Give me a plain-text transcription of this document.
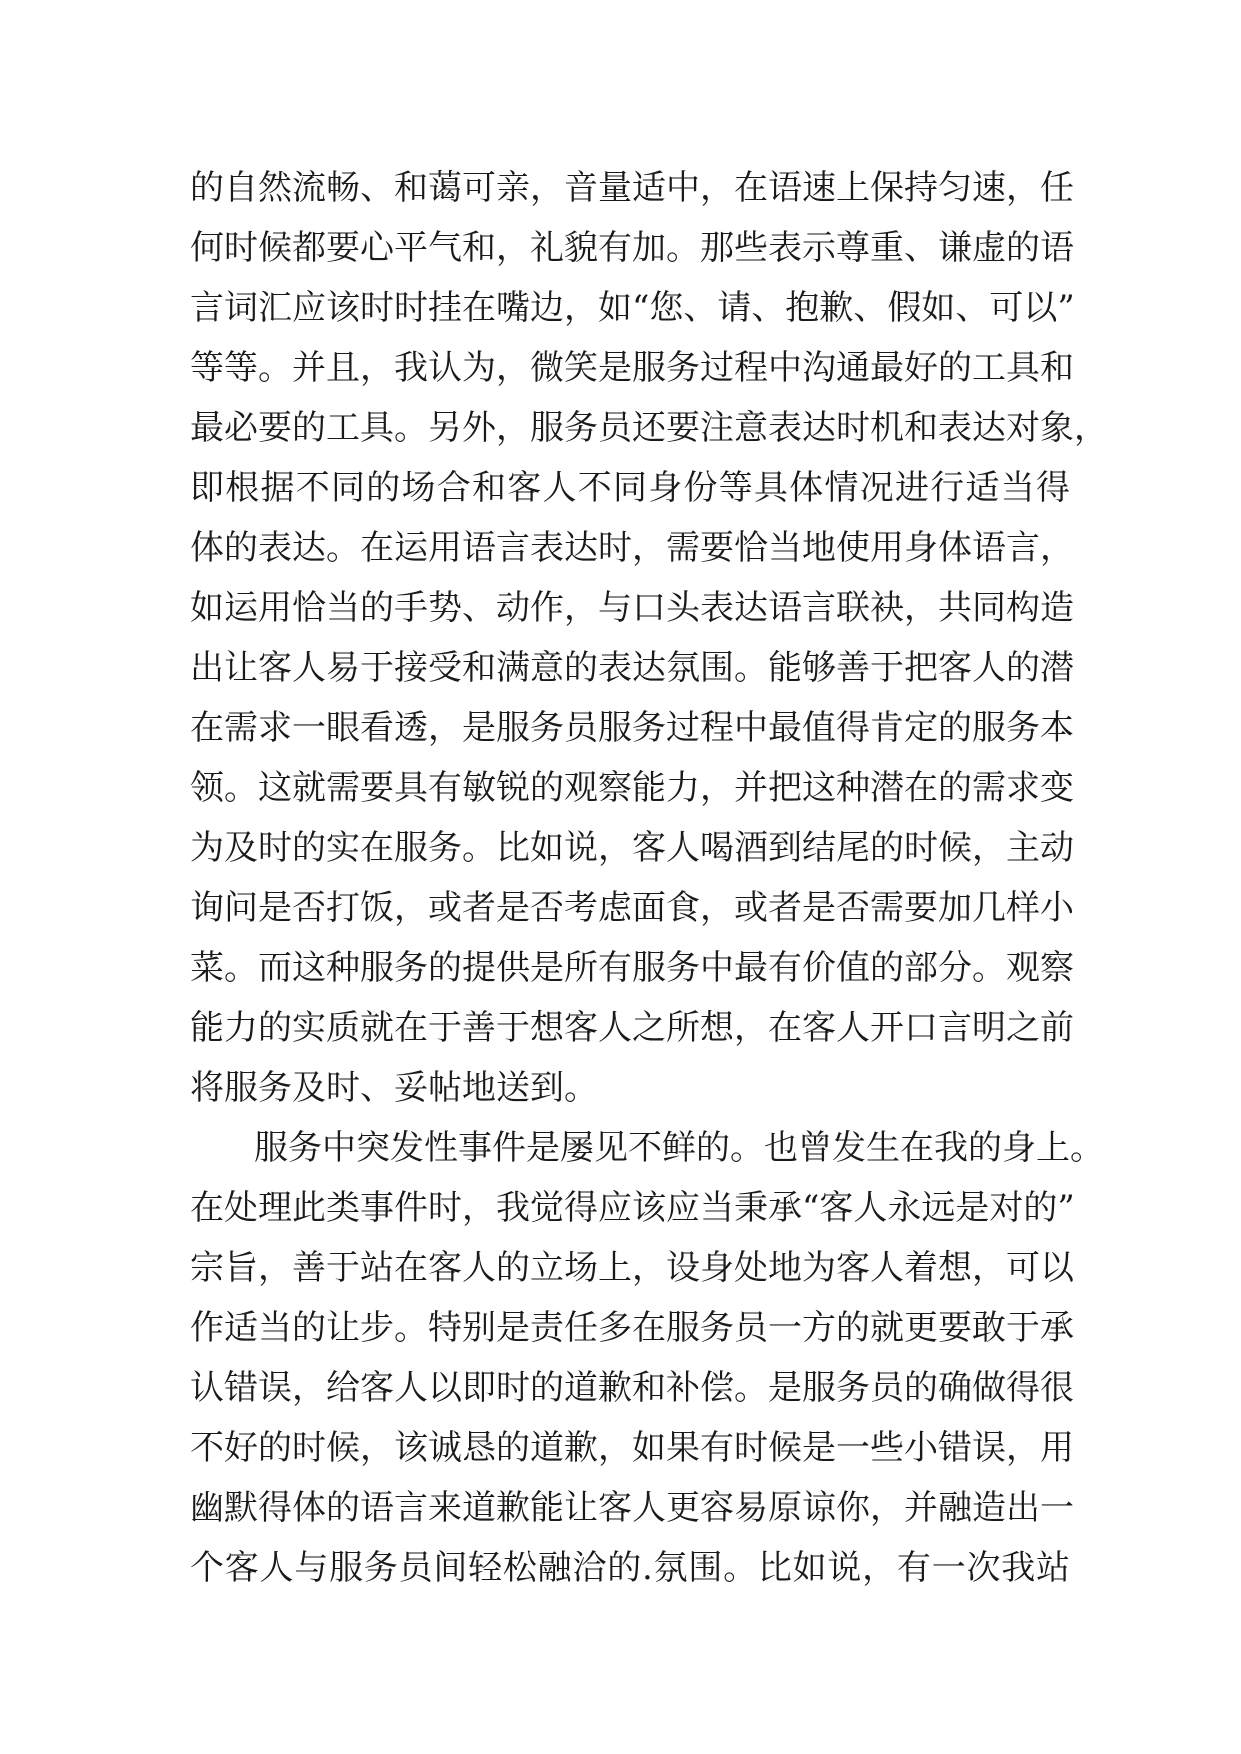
的自然流畅、和蔼可亲，音量适中，在语速上保持匀速，任
何时候都要心平气和，礼貌有加。那些表示尊重、谦虚的语
言词汇应该时时挂在嘴边，如“您、请、抱歉、假如、可以”
等等。并且，我认为，微笑是服务过程中沟通最好的工具和
最必要的工具。另外，服务员还要注意表达时机和表达对象，
即根据不同的场合和客人不同身份等具体情况进行适当得
体的表达。在运用语言表达时，需要恰当地使用身体语言，
如运用恰当的手势、动作，与口头表达语言联袂，共同构造
出让客人易于接受和满意的表达氛围。能够善于把客人的潜
在需求一眼看透，是服务员服务过程中最值得肯定的服务本
领。这就需要具有敏锐的观察能力，并把这种潜在的需求变
为及时的实在服务。比如说，客人喝酒到结尾的时候，主动
询问是否打饭，或者是否考虑面食，或者是否需要加几样小
菜。而这种服务的提供是所有服务中最有价值的部分。观察
能力的实质就在于善于想客人之所想，在客人开口言明之前
将服务及时、妥帖地送到。
服务中突发性事件是屡见不鲜的。也曾发生在我的身上。
在处理此类事件时，我觉得应该应当秉承“客人永远是对的”
宗旨，善于站在客人的立场上，设身处地为客人着想，可以
作适当的让步。特别是责任多在服务员一方的就更要敢于承
认错误，给客人以即时的道歉和补偿。是服务员的确做得很
不好的时候，该诚恳的道歉，如果有时候是一些小错误，用
幽默得体的语言来道歉能让客人更容易原谅你，并融造出一
个客人与服务员间轻松融洽的.氛围。比如说，有一次我站
